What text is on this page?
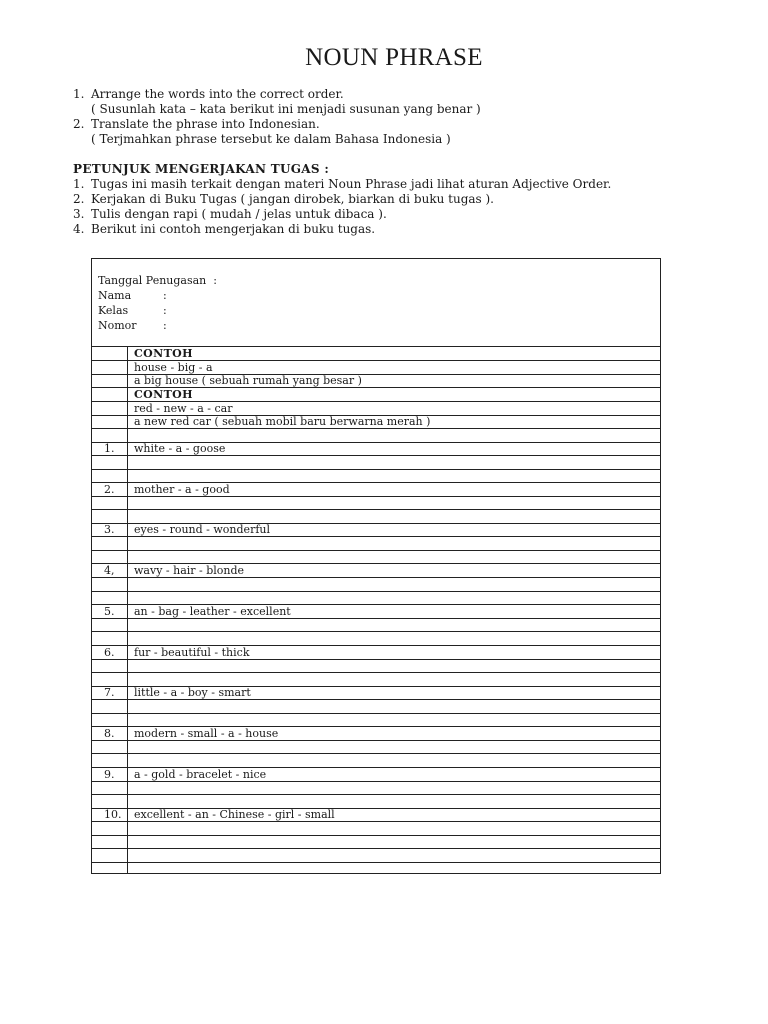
NOUN PHRASE
1. Arrange the words into the correct order.
( Susunlah kata – kata berikut ini menjadi susunan yang benar )
2. Translate the phrase into Indonesian.
( Terjmahkan phrase tersebut ke dalam Bahasa Indonesia )
PETUNJUK MENGERJAKAN TUGAS :
1. Tugas ini masih terkait dengan materi Noun Phrase jadi lihat aturan Adjective Order.
2. Kerjakan di Buku Tugas ( jangan dirobek, biarkan di buku tugas ).
3. Tulis dengan rapi ( mudah / jelas untuk dibaca ).
4. Berikut ini contoh mengerjakan di buku tugas.
Tanggal Penugasan :
Nama	:
Kelas	:
Nomor :
CONTOH
house - big - a
a big house ( sebuah rumah yang besar )
CONTOH
red - new - a - car
a new red car ( sebuah mobil baru berwarna merah )
1. white - a - goose
2. mother - a - good
3. eyes - round - wonderful
4, wavy - hair - blonde
5. an - bag - leather - excellent
6. fur - beautiful - thick
7. little - a - boy - smart
8. modern - small - a - house
9. a - gold - bracelet - nice
10. excellent - an - Chinese - girl - small
